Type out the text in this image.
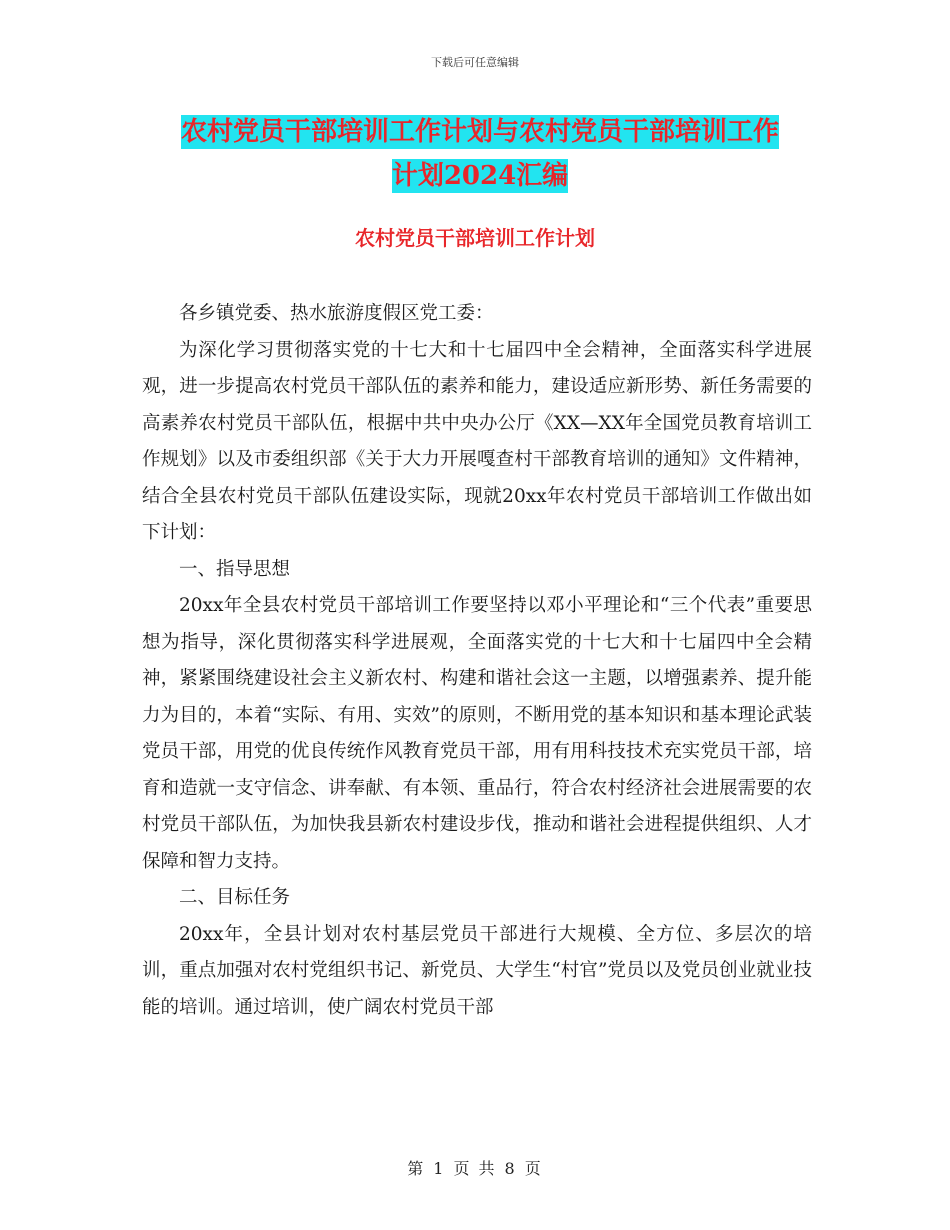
下载后可任意编辑
农村党员干部培训工作计划与农村党员干部培训工作
计划2024汇编
农村党员干部培训工作计划

各乡镇党委、热水旅游度假区党工委：

为深化学习贯彻落实党的十七大和十七届四中全会精神，全面落实科学进展观，进一步提高农村党员干部队伍的素养和能力，建设适应新形势、新任务需要的高素养农村党员干部队伍，根据中共中央办公厅《XX—XX年全国党员教育培训工作规划》以及市委组织部《关于大力开展嘎查村干部教育培训的通知》文件精神，结合全县农村党员干部队伍建设实际，现就20xx年农村党员干部培训工作做出如下计划：

一、指导思想

20xx年全县农村党员干部培训工作要坚持以邓小平理论和“三个代表”重要思想为指导，深化贯彻落实科学进展观，全面落实党的十七大和十七届四中全会精神，紧紧围绕建设社会主义新农村、构建和谐社会这一主题，以增强素养、提升能力为目的，本着“实际、有用、实效”的原则，不断用党的基本知识和基本理论武装党员干部，用党的优良传统作风教育党员干部，用有用科技技术充实党员干部，培育和造就一支守信念、讲奉献、有本领、重品行，符合农村经济社会进展需要的农村党员干部队伍，为加快我县新农村建设步伐，推动和谐社会进程提供组织、人才保障和智力支持。

二、目标任务

20xx年，全县计划对农村基层党员干部进行大规模、全方位、多层次的培训，重点加强对农村党组织书记、新党员、大学生“村官”党员以及党员创业就业技能的培训。通过培训，使广阔农村党员干部

第 1 页 共 8 页
